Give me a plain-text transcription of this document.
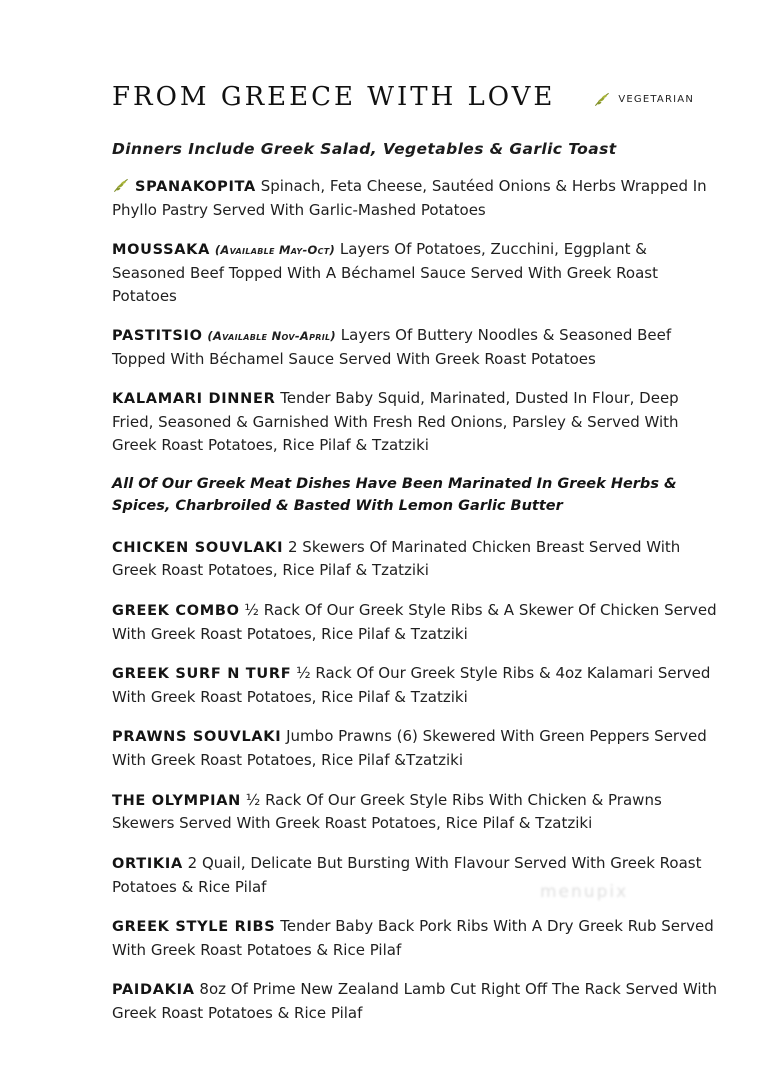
FROM GREECE WITH LOVE	VEGETARIAN

Dinners Include Greek Salad, Vegetables & Garlic Toast

SPANAKOPITA Spinach, Feta Cheese, Sautéed Onions & Herbs Wrapped In Phyllo Pastry Served With Garlic-Mashed Potatoes

MOUSSAKA (Available May-Oct) Layers Of Potatoes, Zucchini, Eggplant & Seasoned Beef Topped With A Béchamel Sauce Served With Greek Roast Potatoes

PASTITSIO (Available Nov-April) Layers Of Buttery Noodles & Seasoned Beef Topped With Béchamel Sauce Served With Greek Roast Potatoes

KALAMARI DINNER Tender Baby Squid, Marinated, Dusted In Flour, Deep Fried, Seasoned & Garnished With Fresh Red Onions, Parsley & Served With Greek Roast Potatoes, Rice Pilaf & Tzatziki

All Of Our Greek Meat Dishes Have Been Marinated In Greek Herbs & Spices, Charbroiled & Basted With Lemon Garlic Butter

CHICKEN SOUVLAKI 2 Skewers Of Marinated Chicken Breast Served With Greek Roast Potatoes, Rice Pilaf & Tzatziki

GREEK COMBO ½ Rack Of Our Greek Style Ribs & A Skewer Of Chicken Served With Greek Roast Potatoes, Rice Pilaf & Tzatziki

GREEK SURF N TURF ½ Rack Of Our Greek Style Ribs & 4oz Kalamari Served With Greek Roast Potatoes, Rice Pilaf & Tzatziki

PRAWNS SOUVLAKI Jumbo Prawns (6) Skewered With Green Peppers Served With Greek Roast Potatoes, Rice Pilaf &Tzatziki

THE OLYMPIAN ½ Rack Of Our Greek Style Ribs With Chicken & Prawns Skewers Served With Greek Roast Potatoes, Rice Pilaf & Tzatziki

ORTIKIA 2 Quail, Delicate But Bursting With Flavour Served With Greek Roast Potatoes & Rice Pilaf

GREEK STYLE RIBS Tender Baby Back Pork Ribs With A Dry Greek Rub Served With Greek Roast Potatoes & Rice Pilaf

PAIDAKIA 8oz Of Prime New Zealand Lamb Cut Right Off The Rack Served With Greek Roast Potatoes & Rice Pilaf

menupix
